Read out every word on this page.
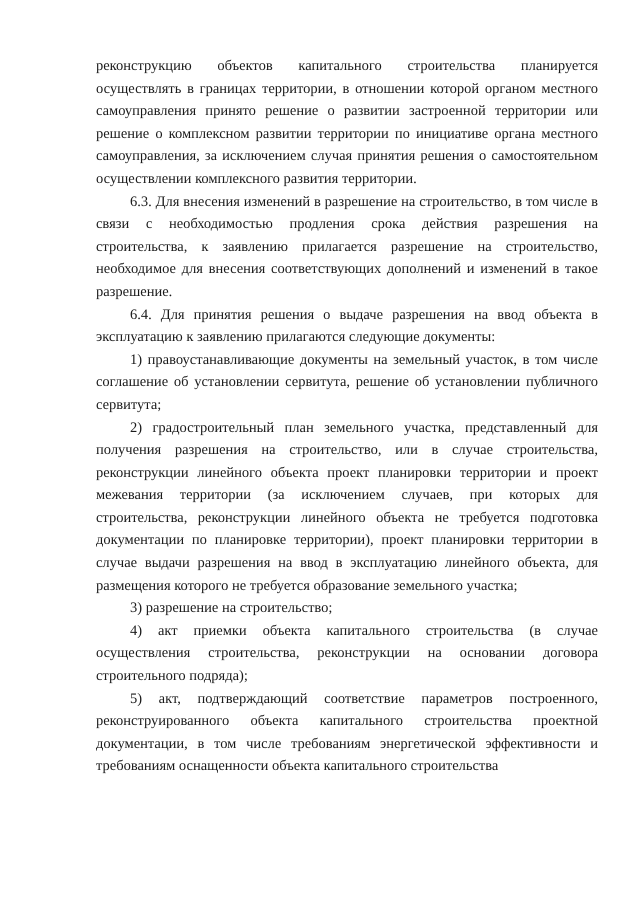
реконструкцию объектов капитального строительства планируется осуществлять в границах территории, в отношении которой органом местного самоуправления принято решение о развитии застроенной территории или решение о комплексном развитии территории по инициативе органа местного самоуправления, за исключением случая принятия решения о самостоятельном осуществлении комплексного развития территории.

6.3. Для внесения изменений в разрешение на строительство, в том числе в связи с необходимостью продления срока действия разрешения на строительства, к заявлению прилагается разрешение на строительство, необходимое для внесения соответствующих дополнений и изменений в такое разрешение.

6.4. Для принятия решения о выдаче разрешения на ввод объекта в эксплуатацию к заявлению прилагаются следующие документы:

1) правоустанавливающие документы на земельный участок, в том числе соглашение об установлении сервитута, решение об установлении публичного сервитута;

2) градостроительный план земельного участка, представленный для получения разрешения на строительство, или в случае строительства, реконструкции линейного объекта проект планировки территории и проект межевания территории (за исключением случаев, при которых для строительства, реконструкции линейного объекта не требуется подготовка документации по планировке территории), проект планировки территории в случае выдачи разрешения на ввод в эксплуатацию линейного объекта, для размещения которого не требуется образование земельного участка;

3) разрешение на строительство;

4) акт приемки объекта капитального строительства (в случае осуществления строительства, реконструкции на основании договора строительного подряда);

5) акт, подтверждающий соответствие параметров построенного, реконструированного объекта капитального строительства проектной документации, в том числе требованиям энергетической эффективности и требованиям оснащенности объекта капитального строительства
